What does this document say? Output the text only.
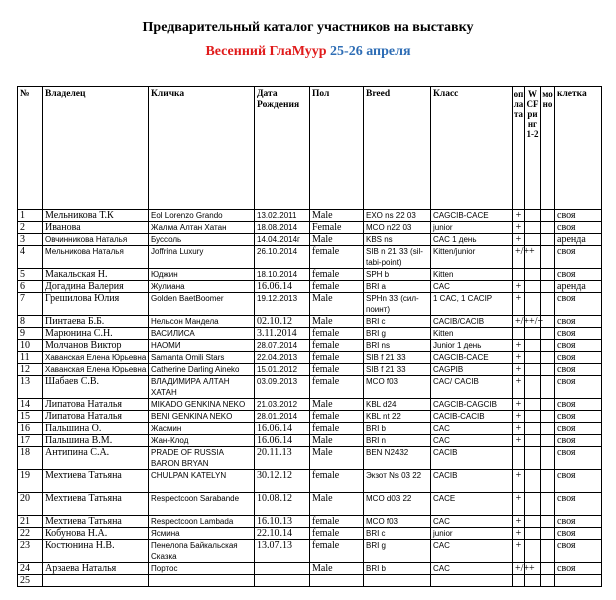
Предварительный каталог участников на выставку
Весенний ГлаМуур 25-26 апреля
№	Владелец	Кличка	Дата Рождения	Пол	Breed	Класс	оплата	WCF ринг 1-2	моно	клетка
1	Мельникова Т.К	Eol Lorenzo Grando	13.02.2011	Male	EXO ns 22 03	CAGCIB-CACE	+			своя
2	Иванова	Жалма Алтан Хатан	18.08.2014	Female	MCO n22 03	junior	+			своя
3	Овчинникова Наталья	Буссоль	14.04.2014г	Male	KBS ns	CAC 1 день	+			аренда
4	Мельникова Наталья	Joffrina Luxury	26.10.2014	female	SIB n 21 33 (sil-tabi-point)	Kitten/junior	+/++			своя
5	Макальская Н.	Юджин	18.10.2014	female	SPH b	Kitten				своя
6	Догадина Валерия	Жулиана	16.06.14	female	BRI a	CAC	+			аренда
7	Грешилова Юлия	Golden BaetBoomer	19.12.2013	Male	SPHn 33 (сил-поинт)	1 CAC, 1 CACIP	+			своя
8	Пинтаева Б.Б.	Нельсон Мандела	02.10.12	Male	BRI c	CACIB/CACIB	+/++/+			своя
9	Марюнина С.Н.	ВАСИЛИСА	3.11.2014	female	BRI g	Kitten				своя
10	Молчанов Виктор	НАОМИ	28.07.2014	female	BRI ns	Junior 1 день	+			своя
11	Хаванская Елена Юрьевна	Samanta Omili Stars	22.04.2013	female	SIB f 21 33	CAGCIB-CACE	+			своя
12	Хаванская Елена Юрьевна	Catherine Darling Aineko	15.01.2012	female	SIB f 21 33	CAGPIB	+			своя
13	Шабаев С.В.	ВЛАДИМИРА АЛТАН ХАТАН	03.09.2013	female	MCO f03	CAC/ CACIB	+			своя
14	Липатова Наталья	MIKADO GENKINA NEKO	21.03.2012	Male	KBL d24	CAGCIB-CAGCIB	+			своя
15	Липатова Наталья	BENI GENKINA NEKO	28.01.2014	female	KBL nt 22	CACIB-CACIB	+			своя
16	Пальшина О.	Жасмин	16.06.14	female	BRI b	CAC	+			своя
17	Пальшина В.М.	Жан-Клод	16.06.14	Male	BRI n	CAC	+			своя
18	Антипина С.А.	PRADE OF RUSSIA BARON BRYAN	20.11.13	Male	BEN N2432	CACIB				своя
19	Мехтиева Татьяна	CHULPAN KATELYN	30.12.12	female	Экзот Ns 03 22	CACIB	+			своя
20	Мехтиева Татьяна	Respectcoon Sarabande	10.08.12	Male	MCO d03 22	CACE	+			своя
21	Мехтиева Татьяна	Respectcoon Lambada	16.10.13	female	MCO f03	CAC	+			своя
22	Кобунова Н.А.	Ясмина	22.10.14	female	BRI c	junior	+			своя
23	Костюнина Н.В.	Пенелопа Байкальская Сказка	13.07.13	female	BRI g	CAC	+			своя
24	Арзаева Наталья	Портос		Male	BRI b	CAC	+/++			своя
25										
